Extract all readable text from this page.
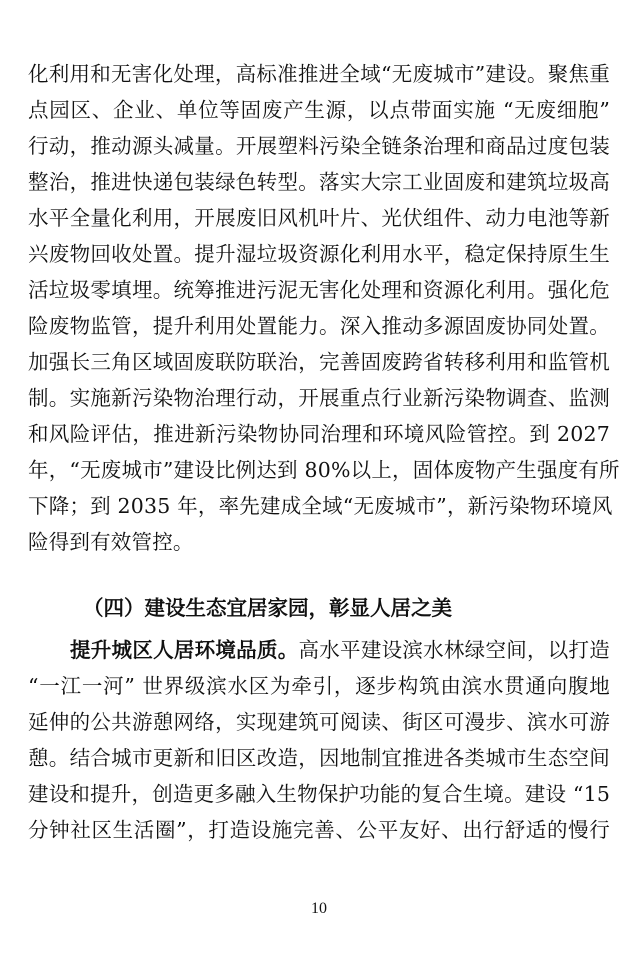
化利用和无害化处理，高标准推进全域“无废城市”建设。聚焦重
点园区、企业、单位等固废产生源，以点带面实施 “无废细胞”
行动，推动源头减量。开展塑料污染全链条治理和商品过度包装
整治，推进快递包装绿色转型。落实大宗工业固废和建筑垃圾高
水平全量化利用，开展废旧风机叶片、光伏组件、动力电池等新
兴废物回收处置。提升湿垃圾资源化利用水平，稳定保持原生生
活垃圾零填埋。统筹推进污泥无害化处理和资源化利用。强化危
险废物监管，提升利用处置能力。深入推动多源固废协同处置。
加强长三角区域固废联防联治，完善固废跨省转移利用和监管机
制。实施新污染物治理行动，开展重点行业新污染物调查、监测
和风险评估，推进新污染物协同治理和环境风险管控。到 2027
年，“无废城市”建设比例达到 80%以上，固体废物产生强度有所
下降；到 2035 年，率先建成全域“无废城市”，新污染物环境风
险得到有效管控。
（四）建设生态宜居家园，彰显人居之美
提升城区人居环境品质。高水平建设滨水林绿空间，以打造
“一江一河” 世界级滨水区为牵引，逐步构筑由滨水贯通向腹地
延伸的公共游憩网络，实现建筑可阅读、街区可漫步、滨水可游
憩。结合城市更新和旧区改造，因地制宜推进各类城市生态空间
建设和提升，创造更多融入生物保护功能的复合生境。建设 “15
分钟社区生活圈”，打造设施完善、公平友好、出行舒适的慢行
10
